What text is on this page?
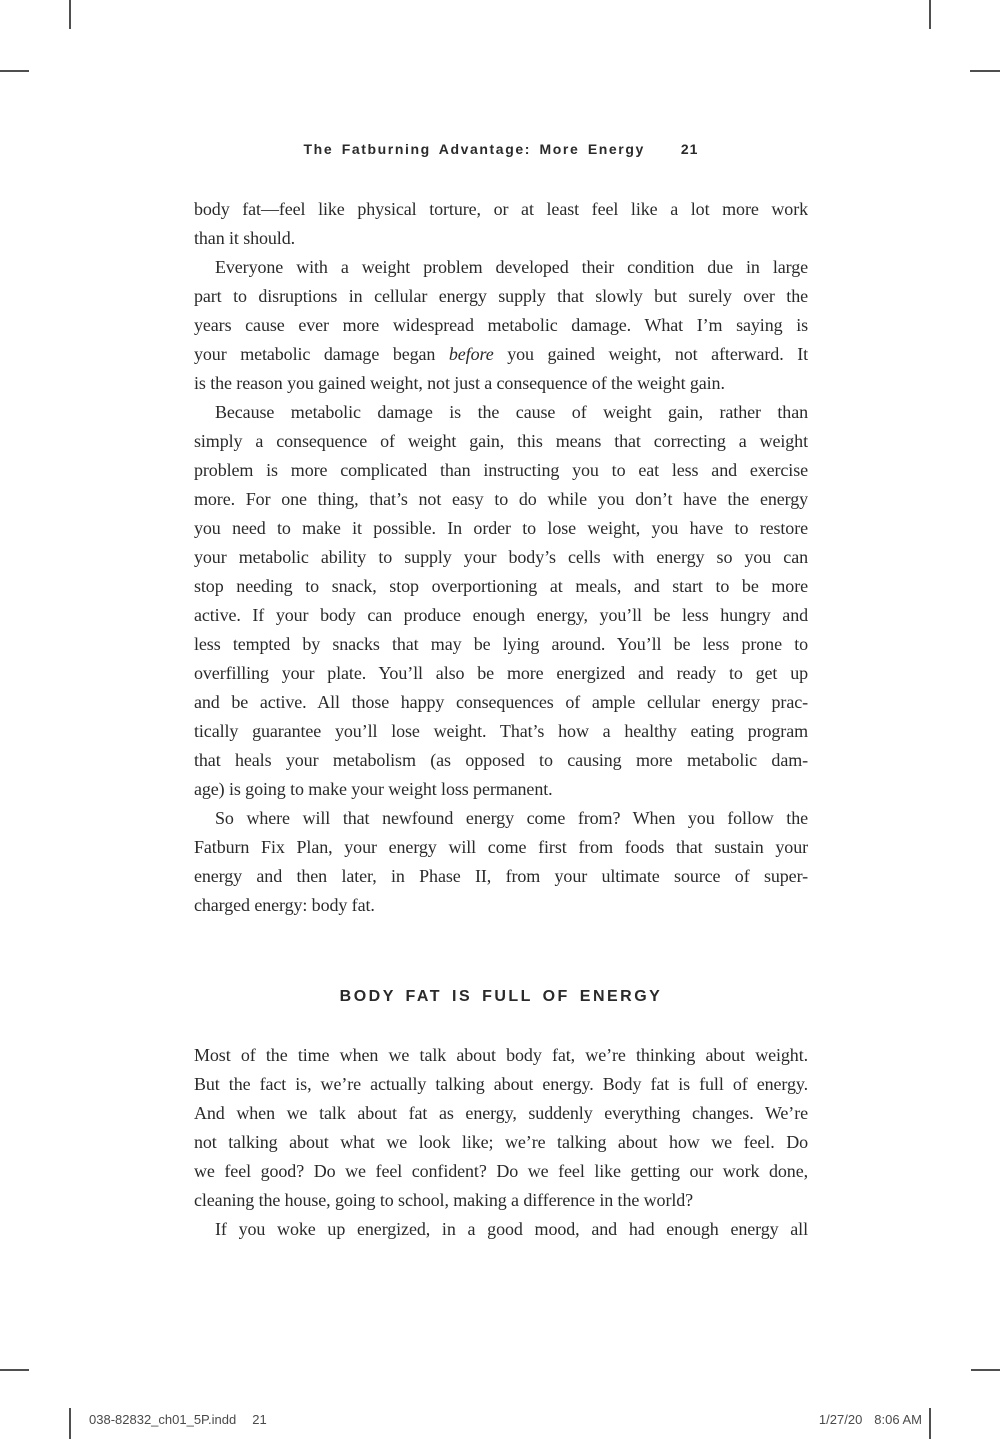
The Fatburning Advantage: More Energy	21
body fat—feel like physical torture, or at least feel like a lot more work
than it should.
Everyone with a weight problem developed their condition due in large
part to disruptions in cellular energy supply that slowly but surely over the
years cause ever more widespread metabolic damage. What I’m saying is
your metabolic damage began before you gained weight, not afterward. It
is the reason you gained weight, not just a consequence of the weight gain.
Because metabolic damage is the cause of weight gain, rather than
simply a consequence of weight gain, this means that correcting a weight
problem is more complicated than instructing you to eat less and exercise
more. For one thing, that’s not easy to do while you don’t have the energy
you need to make it possible. In order to lose weight, you have to restore
your metabolic ability to supply your body’s cells with energy so you can
stop needing to snack, stop overportioning at meals, and start to be more
active. If your body can produce enough energy, you’ll be less hungry and
less tempted by snacks that may be lying around. You’ll be less prone to
overfilling your plate. You’ll also be more energized and ready to get up
and be active. All those happy consequences of ample cellular energy prac-
tically guarantee you’ll lose weight. That’s how a healthy eating program
that heals your metabolism (as opposed to causing more metabolic dam-
age) is going to make your weight loss permanent.
So where will that newfound energy come from? When you follow the
Fatburn Fix Plan, your energy will come first from foods that sustain your
energy and then later, in Phase II, from your ultimate source of super-
charged energy: body fat.
BODY FAT IS FULL OF ENERGY
Most of the time when we talk about body fat, we’re thinking about weight.
But the fact is, we’re actually talking about energy. Body fat is full of energy.
And when we talk about fat as energy, suddenly everything changes. We’re
not talking about what we look like; we’re talking about how we feel. Do
we feel good? Do we feel confident? Do we feel like getting our work done,
cleaning the house, going to school, making a difference in the world?
If you woke up energized, in a good mood, and had enough energy all
038-82832_ch01_5P.indd 21	1/27/20 8:06 AM
